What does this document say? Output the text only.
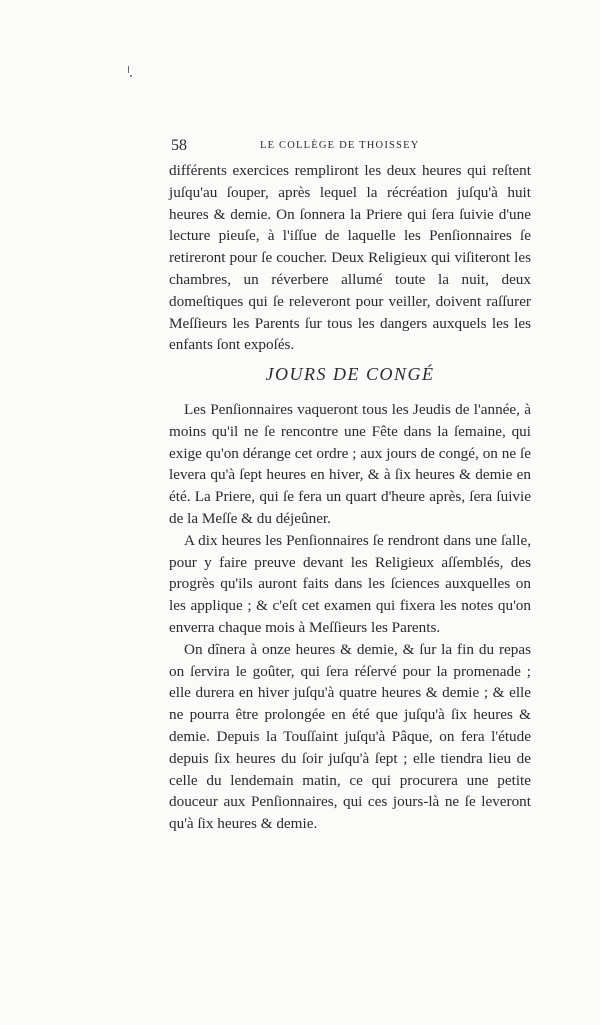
58	LE COLLÈGE DE THOISSEY

différents exercices rempliront les deux heures qui reſtent juſqu'au ſouper, après lequel la récréation juſqu'à huit heures & demie. On ſonnera la Priere qui ſera ſuivie d'une lecture pieuſe, à l'iſſue de laquelle les Penſionnaires ſe retireront pour ſe coucher. Deux Religieux qui viſiteront les chambres, un réverbere allumé toute la nuit, deux domeſtiques qui ſe releveront pour veiller, doivent raſſurer Meſſieurs les Parents ſur tous les dangers auxquels les les enfants ſont expoſés.

JOURS DE CONGÉ

Les Penſionnaires vaqueront tous les Jeudis de l'année, à moins qu'il ne ſe rencontre une Fête dans la ſemaine, qui exige qu'on dérange cet ordre ; aux jours de congé, on ne ſe levera qu'à ſept heures en hiver, & à ſix heures & demie en été. La Priere, qui ſe fera un quart d'heure après, ſera ſuivie de la Meſſe & du déjeûner.

A dix heures les Penſionnaires ſe rendront dans une ſalle, pour y faire preuve devant les Religieux aſſemblés, des progrès qu'ils auront faits dans les ſciences auxquelles on les applique ; & c'eſt cet examen qui fixera les notes qu'on enverra chaque mois à Meſſieurs les Parents.

On dînera à onze heures & demie, & ſur la fin du repas on ſervira le goûter, qui ſera réſervé pour la promenade ; elle durera en hiver juſqu'à quatre heures & demie ; & elle ne pourra être prolongée en été que juſqu'à ſix heures & demie. Depuis la Touſſaint juſqu'à Pâque, on fera l'étude depuis ſix heures du ſoir juſqu'à ſept ; elle tiendra lieu de celle du lendemain matin, ce qui procurera une petite douceur aux Penſionnaires, qui ces jours-là ne ſe leveront qu'à ſix heures & demie.
